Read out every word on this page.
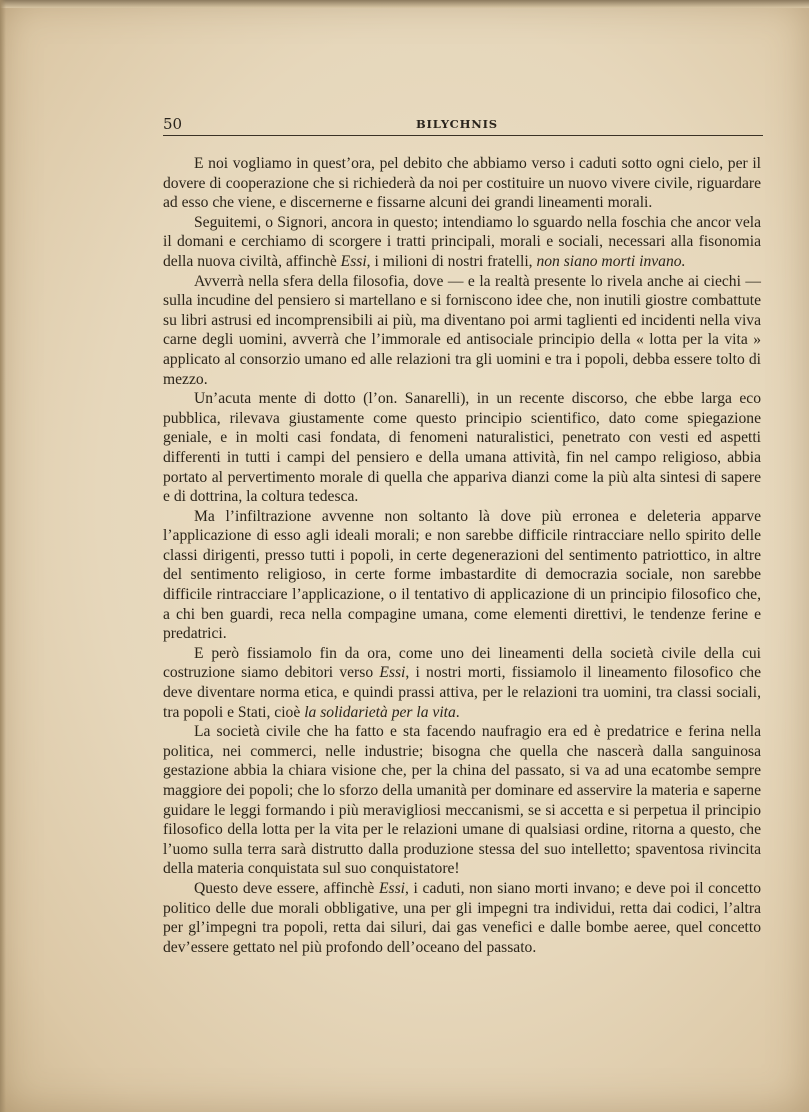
50	BILYCHNIS

E noi vogliamo in quest’ora, pel debito che abbiamo verso i caduti sotto ogni cielo, per il dovere di cooperazione che si richiederà da noi per costituire un nuovo vivere civile, riguardare ad esso che viene, e discernerne e fissarne alcuni dei grandi lineamenti morali.

Seguitemi, o Signori, ancora in questo; intendiamo lo sguardo nella foschia che ancor vela il domani e cerchiamo di scorgere i tratti principali, morali e sociali, necessari alla fisonomia della nuova civiltà, affinchè Essi, i milioni di nostri fratelli, non siano morti invano.

Avverrà nella sfera della filosofia, dove — e la realtà presente lo rivela anche ai ciechi — sulla incudine del pensiero si martellano e si forniscono idee che, non inutili giostre combattute su libri astrusi ed incomprensibili ai più, ma diventano poi armi taglienti ed incidenti nella viva carne degli uomini, avverrà che l’immorale ed antisociale principio della « lotta per la vita » applicato al consorzio umano ed alle relazioni tra gli uomini e tra i popoli, debba essere tolto di mezzo.

Un’acuta mente di dotto (l’on. Sanarelli), in un recente discorso, che ebbe larga eco pubblica, rilevava giustamente come questo principio scientifico, dato come spiegazione geniale, e in molti casi fondata, di fenomeni naturalistici, penetrato con vesti ed aspetti differenti in tutti i campi del pensiero e della umana attività, fin nel campo religioso, abbia portato al pervertimento morale di quella che appariva dianzi come la più alta sintesi di sapere e di dottrina, la coltura tedesca.

Ma l’infiltrazione avvenne non soltanto là dove più erronea e deleteria apparve l’applicazione di esso agli ideali morali; e non sarebbe difficile rintracciare nello spirito delle classi dirigenti, presso tutti i popoli, in certe degenerazioni del sentimento patriottico, in altre del sentimento religioso, in certe forme imbastardite di democrazia sociale, non sarebbe difficile rintracciare l’applicazione, o il tentativo di applicazione di un principio filosofico che, a chi ben guardi, reca nella compagine umana, come elementi direttivi, le tendenze ferine e predatrici.

E però fissiamolo fin da ora, come uno dei lineamenti della società civile della cui costruzione siamo debitori verso Essi, i nostri morti, fissiamolo il lineamento filosofico che deve diventare norma etica, e quindi prassi attiva, per le relazioni tra uomini, tra classi sociali, tra popoli e Stati, cioè la solidarietà per la vita.

La società civile che ha fatto e sta facendo naufragio era ed è predatrice e ferina nella politica, nei commerci, nelle industrie; bisogna che quella che nascerà dalla sanguinosa gestazione abbia la chiara visione che, per la china del passato, si va ad una ecatombe sempre maggiore dei popoli; che lo sforzo della umanità per dominare ed asservire la materia e saperne guidare le leggi formando i più meravigliosi meccanismi, se si accetta e si perpetua il principio filosofico della lotta per la vita per le relazioni umane di qualsiasi ordine, ritorna a questo, che l’uomo sulla terra sarà distrutto dalla produzione stessa del suo intelletto; spaventosa rivincita della materia conquistata sul suo conquistatore!

Questo deve essere, affinchè Essi, i caduti, non siano morti invano; e deve poi il concetto politico delle due morali obbligative, una per gli impegni tra individui, retta dai codici, l’altra per gl’impegni tra popoli, retta dai siluri, dai gas venefici e dalle bombe aeree, quel concetto dev’essere gettato nel più profondo dell’oceano del passato.
